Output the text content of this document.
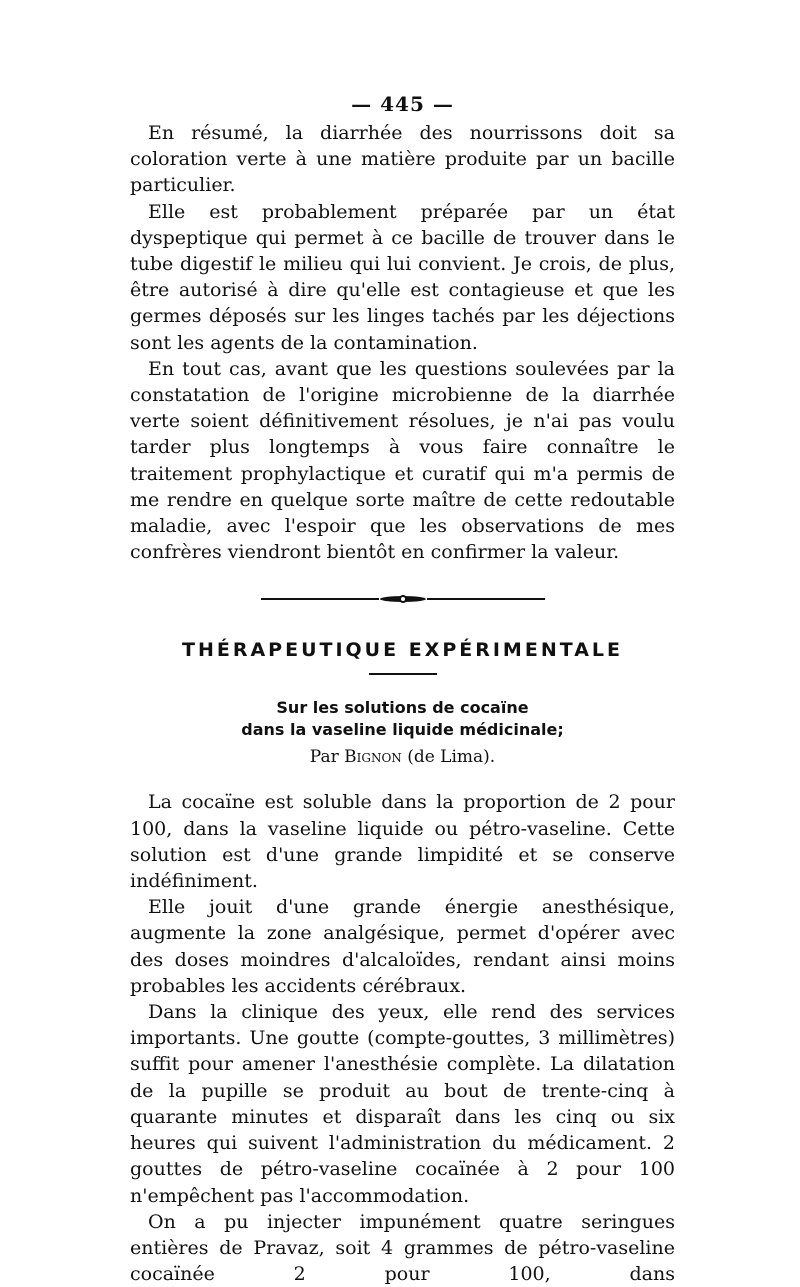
— 445 —

En résumé, la diarrhée des nourrissons doit sa coloration verte à une matière produite par un bacille particulier.

Elle est probablement préparée par un état dyspeptique qui permet à ce bacille de trouver dans le tube digestif le milieu qui lui convient. Je crois, de plus, être autorisé à dire qu'elle est contagieuse et que les germes déposés sur les linges tachés par les déjections sont les agents de la contamination.

En tout cas, avant que les questions soulevées par la constatation de l'origine microbienne de la diarrhée verte soient définitivement résolues, je n'ai pas voulu tarder plus longtemps à vous faire connaître le traitement prophylactique et curatif qui m'a permis de me rendre en quelque sorte maître de cette redoutable maladie, avec l'espoir que les observations de mes confrères viendront bientôt en confirmer la valeur.

THÉRAPEUTIQUE EXPÉRIMENTALE
Sur les solutions de cocaïne
dans la vaseline liquide médicinale;
Par Bignon (de Lima).

La cocaïne est soluble dans la proportion de 2 pour 100, dans la vaseline liquide ou pétro-vaseline. Cette solution est d'une grande limpidité et se conserve indéfiniment.

Elle jouit d'une grande énergie anesthésique, augmente la zone analgésique, permet d'opérer avec des doses moindres d'alcaloïdes, rendant ainsi moins probables les accidents cérébraux.

Dans la clinique des yeux, elle rend des services importants. Une goutte (compte-gouttes, 3 millimètres) suffit pour amener l'anesthésie complète. La dilatation de la pupille se produit au bout de trente-cinq à quarante minutes et disparaît dans les cinq ou six heures qui suivent l'administration du médicament. 2 gouttes de pétro-vaseline cocaïnée à 2 pour 100 n'empêchent pas l'accommodation.

On a pu injecter impunément quatre seringues entières de Pravaz, soit 4 grammes de pétro-vaseline cocaïnée 2 pour 100, dans
